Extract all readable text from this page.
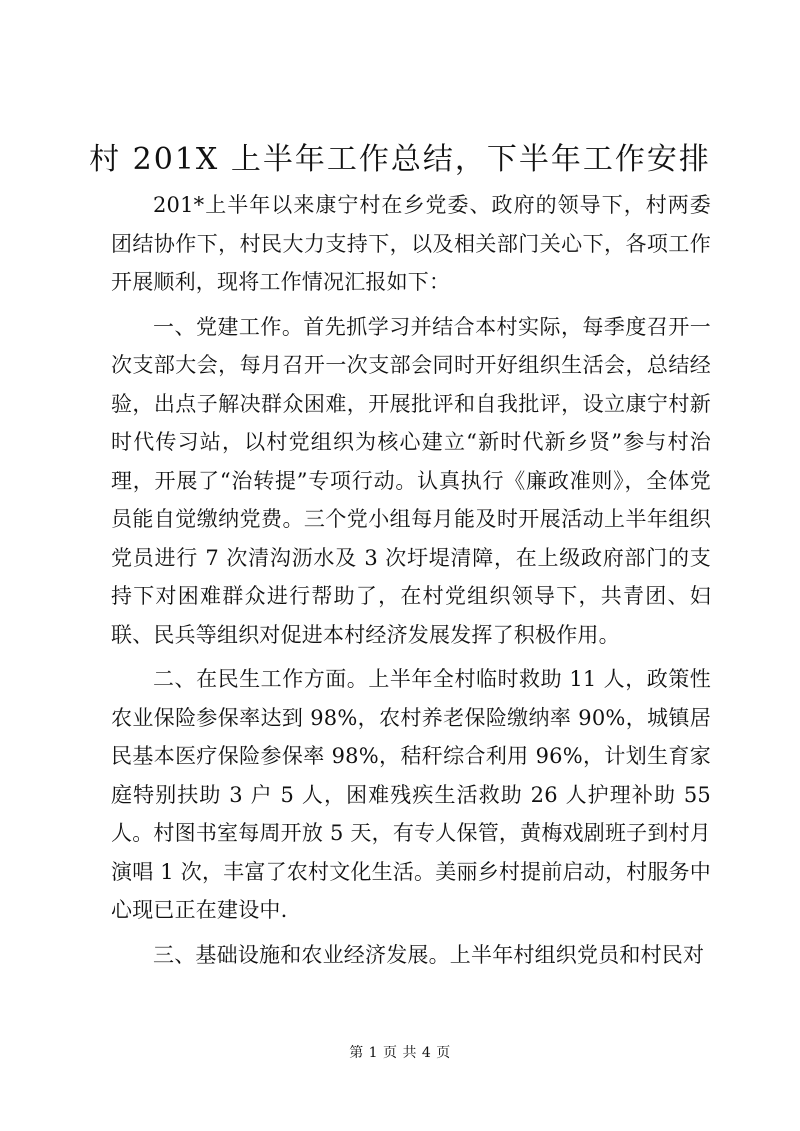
村 201X 上半年工作总结，下半年工作安排

201*上半年以来康宁村在乡党委、政府的领导下，村两委团结协作下，村民大力支持下，以及相关部门关心下，各项工作开展顺利，现将工作情况汇报如下：

一、党建工作。首先抓学习并结合本村实际，每季度召开一次支部大会，每月召开一次支部会同时开好组织生活会，总结经验，出点子解决群众困难，开展批评和自我批评，设立康宁村新时代传习站，以村党组织为核心建立“新时代新乡贤”参与村治理，开展了“治转提”专项行动。认真执行《廉政准则》，全体党员能自觉缴纳党费。三个党小组每月能及时开展活动上半年组织党员进行 7 次清沟沥水及 3 次圩堤清障，在上级政府部门的支持下对困难群众进行帮助了，在村党组织领导下，共青团、妇联、民兵等组织对促进本村经济发展发挥了积极作用。

二、在民生工作方面。上半年全村临时救助 11 人，政策性农业保险参保率达到 98%，农村养老保险缴纳率 90%，城镇居民基本医疗保险参保率 98%，秸秆综合利用 96%，计划生育家庭特别扶助 3 户 5 人，困难残疾生活救助 26 人护理补助 55 人。村图书室每周开放 5 天，有专人保管，黄梅戏剧班子到村月演唱 1 次，丰富了农村文化生活。美丽乡村提前启动，村服务中心现已正在建设中.

三、基础设施和农业经济发展。上半年村组织党员和村民对

第 1 页 共 4 页
